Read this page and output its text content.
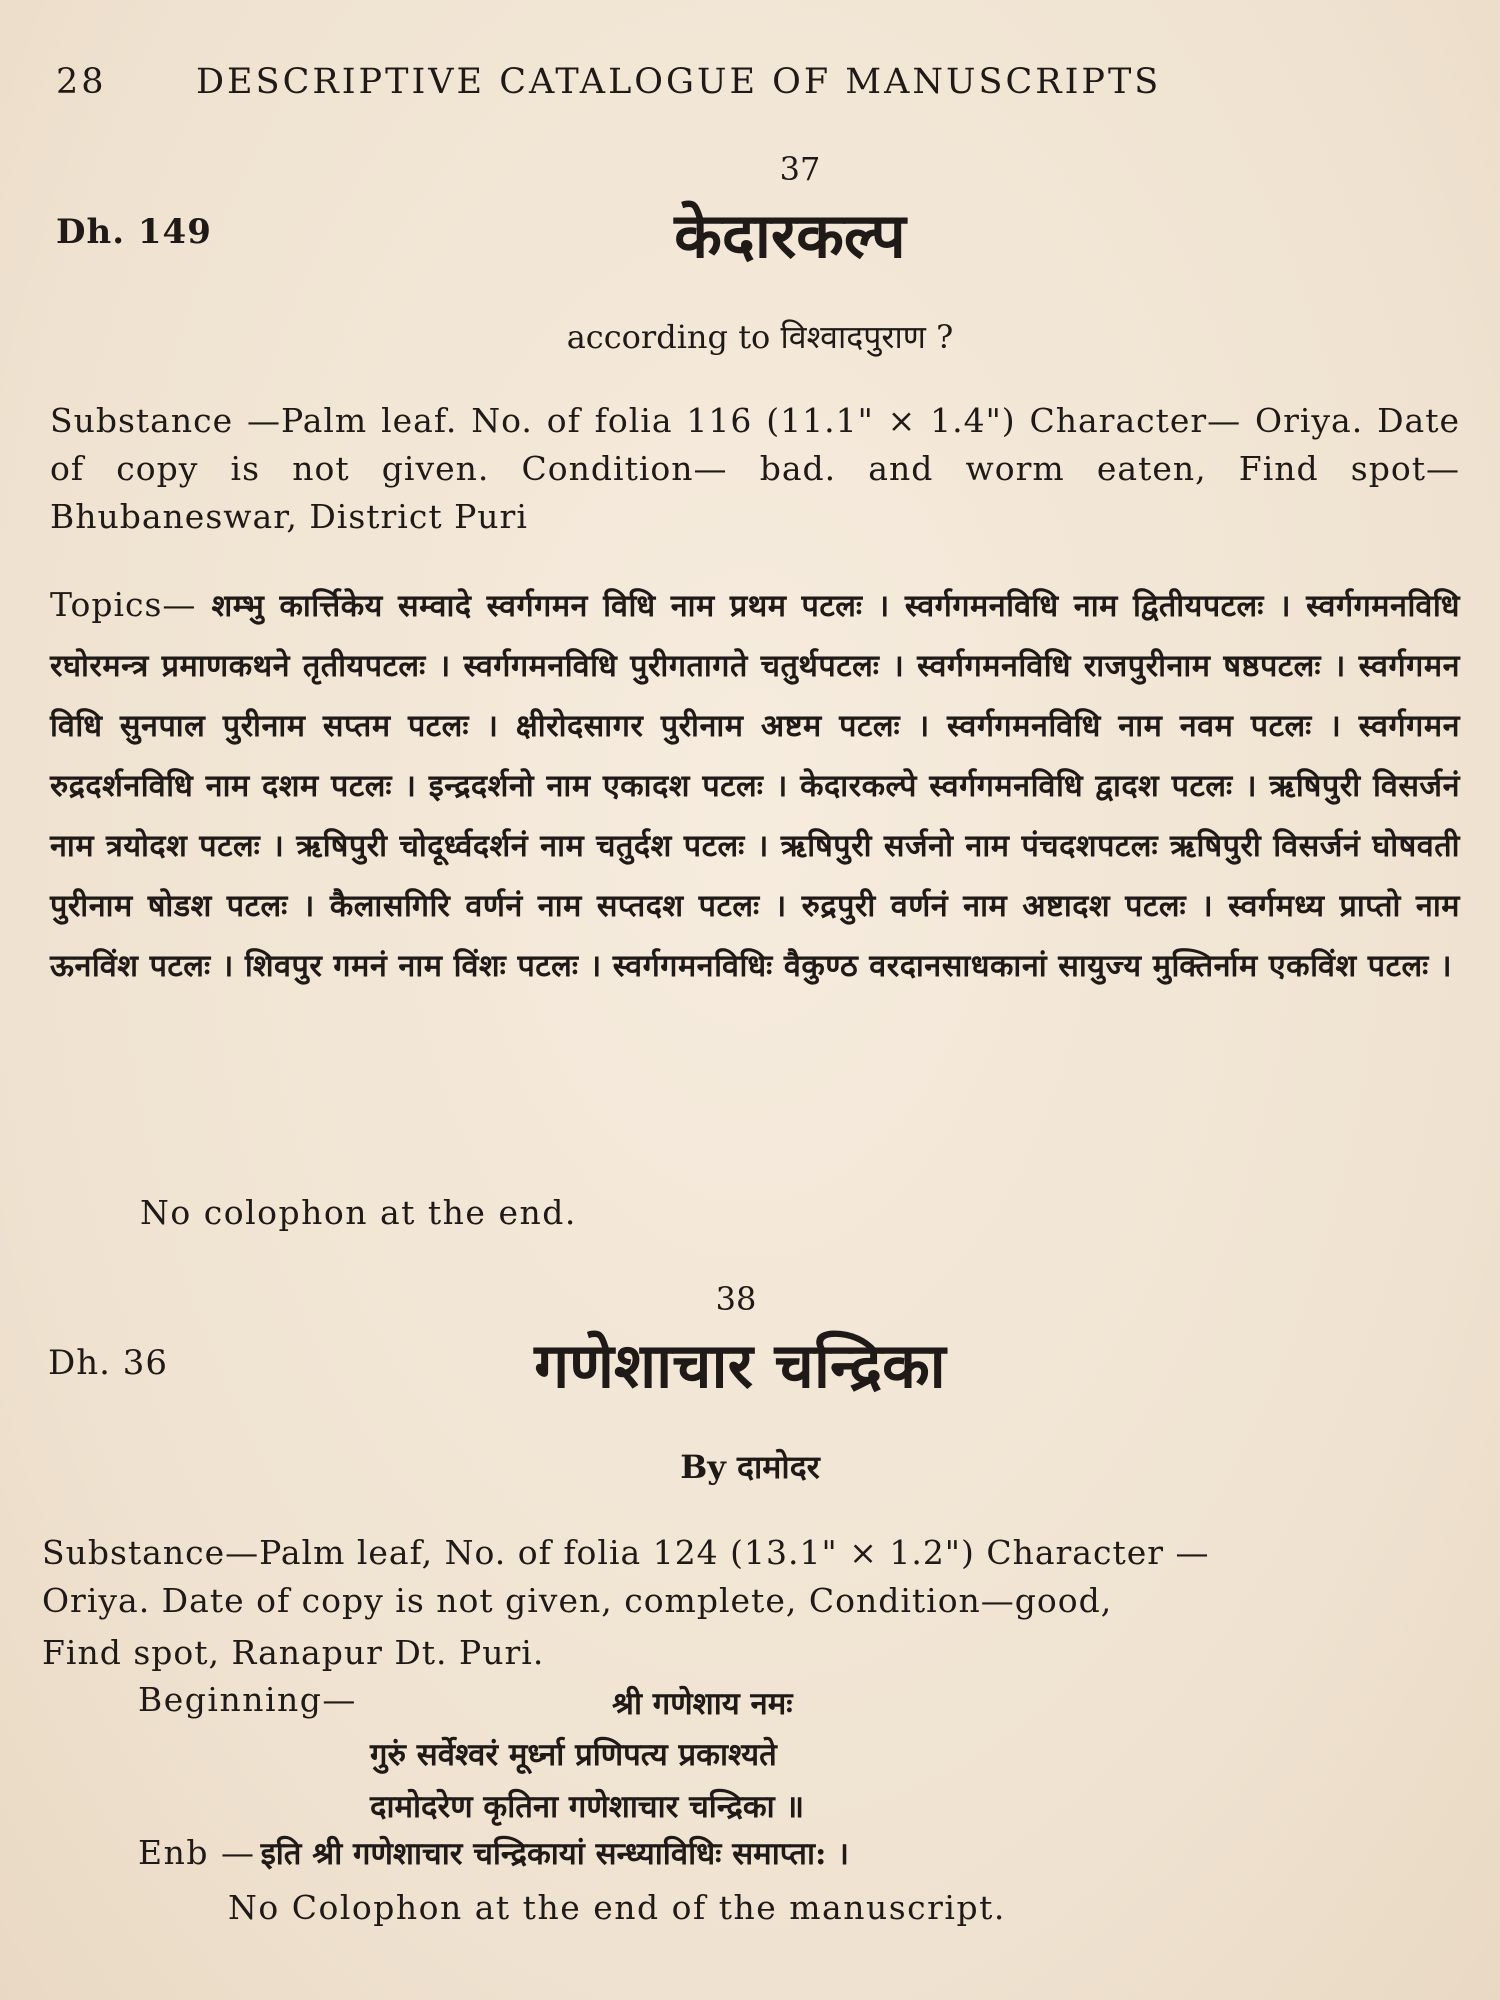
28	DESCRIPTIVE CATALOGUE OF MANUSCRIPTS
37
Dh. 149	केदारकल्प
according to विश्वादपुराण ?
Substance —Palm leaf. No. of folia 116 (11.1" × 1.4") Character— Oriya. Date of copy is not given. Condition— bad. and worm eaten, Find spot—Bhubaneswar, District Puri
Topics— शम्भु कार्त्तिकेय सम्वादे स्वर्गगमन विधि नाम प्रथम पटलः । स्वर्गगमनविधि नाम द्वितीयपटलः । स्वर्गगमनविधि रघोरमन्त्र प्रमाणकथने तृतीयपटलः । स्वर्गगमनविधि पुरीगतागते चतुर्थपटलः । स्वर्गगमनविधि राजपुरीनाम षष्ठपटलः । स्वर्गगमन विधि सुनपाल पुरीनाम सप्तम पटलः । क्षीरोदसागर पुरीनाम अष्टम पटलः । स्वर्गगमनविधि नाम नवम पटलः । स्वर्गगमन रुद्रदर्शनविधि नाम दशम पटलः । इन्द्रदर्शनो नाम एकादश पटलः । केदारकल्पे स्वर्गगमनविधि द्वादश पटलः । ऋषिपुरी विसर्जनं नाम त्रयोदश पटलः । ऋषिपुरी चोदूर्ध्वदर्शनं नाम चतुर्दश पटलः । ऋषिपुरी सर्जनो नाम पंचदशपटलः ऋषिपुरी विसर्जनं घोषवती पुरीनाम षोडश पटलः । कैलासगिरि वर्णनं नाम सप्तदश पटलः । रुद्रपुरी वर्णनं नाम अष्टादश पटलः । स्वर्गमध्य प्राप्तो नाम ऊनविंश पटलः । शिवपुर गमनं नाम विंशः पटलः । स्वर्गगमनविधिः वैकुण्ठ वरदानसाधकानां सायुज्य मुक्तिर्नाम एकविंश पटलः ।
No colophon at the end.
38
Dh. 36	गणेशाचार चन्द्रिका
By दामोदर
Substance—Palm leaf, No. of folia 124 (13.1" × 1.2") Character —
Oriya. Date of copy is not given, complete, Condition—good,
Find spot, Ranapur Dt. Puri.
Beginning—	श्री गणेशाय नमः
गुरुं सर्वेश्वरं मूर्ध्ना प्रणिपत्य प्रकाश्यते
दामोदरेण कृतिना गणेशाचार चन्द्रिका ॥
Enb — इति श्री गणेशाचार चन्द्रिकायां सन्ध्याविधिः समाप्ता: ।
No Colophon at the end of the manuscript.
